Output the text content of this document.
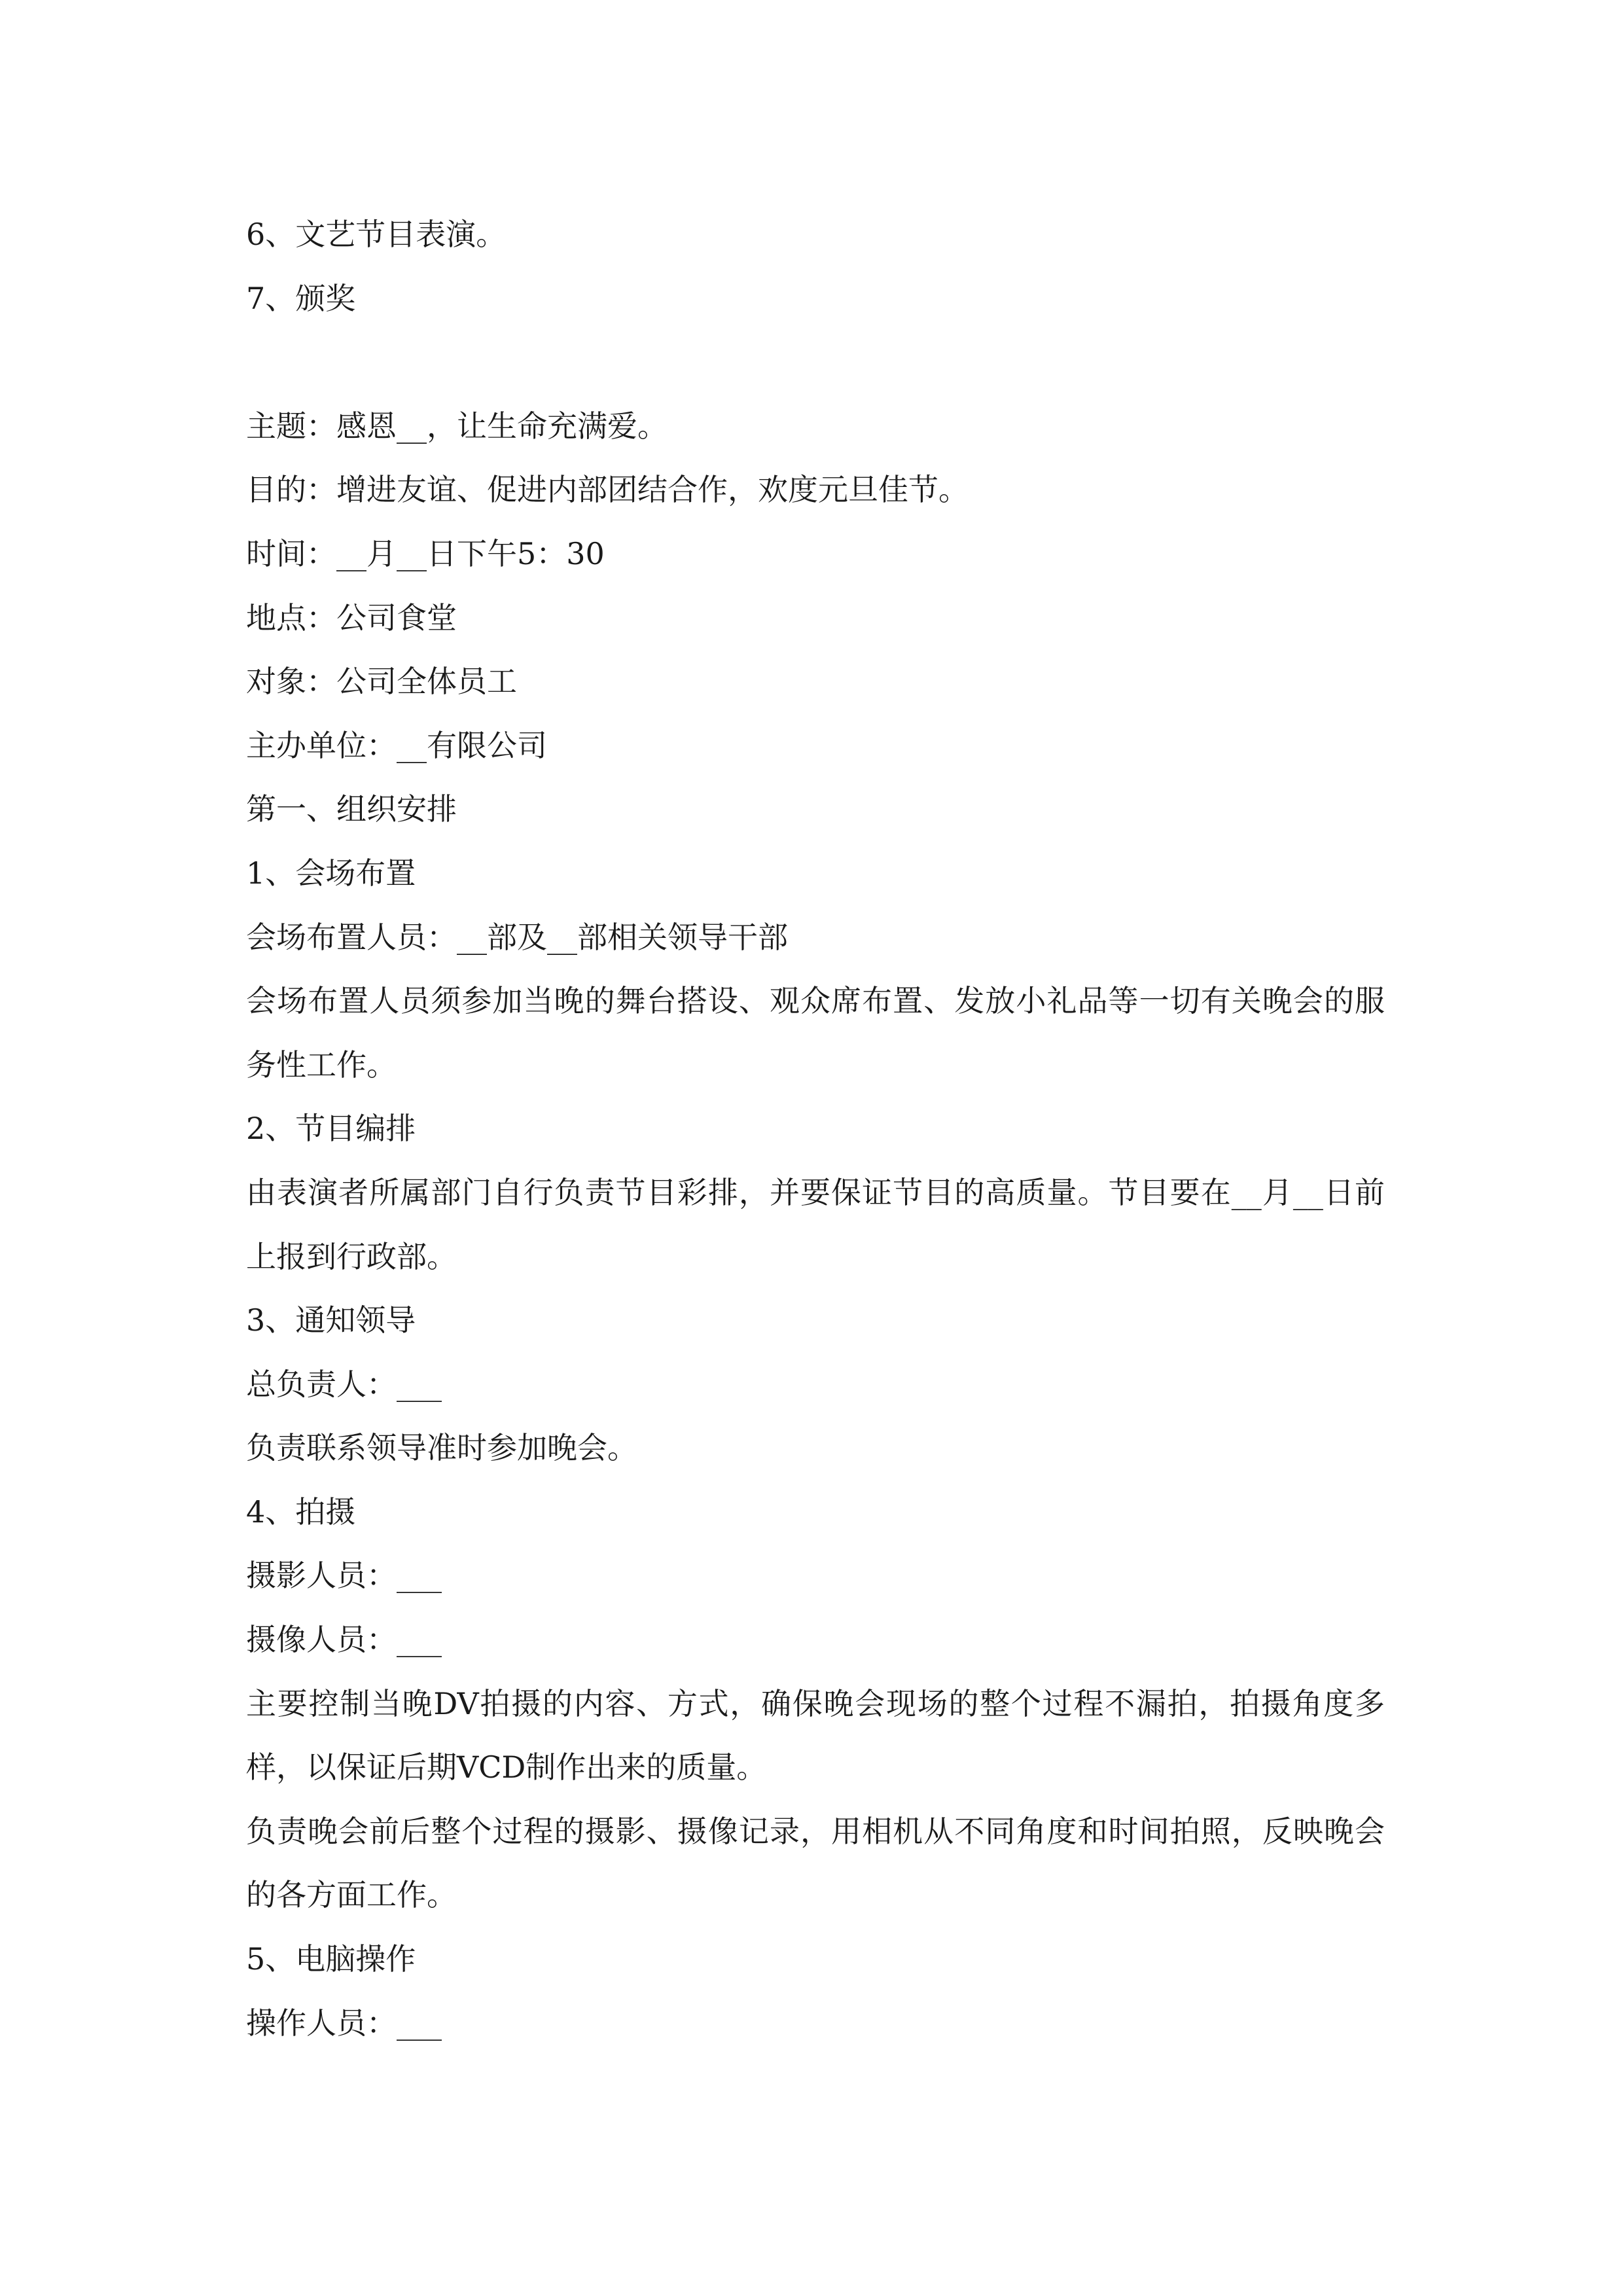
6、文艺节目表演。

7、颁奖

主题：感恩__，让生命充满爱。

目的：增进友谊、促进内部团结合作，欢度元旦佳节。

时间：__月__日下午5：30

地点：公司食堂

对象：公司全体员工

主办单位：__有限公司

第一、组织安排

1、会场布置

会场布置人员：__部及__部相关领导干部

会场布置人员须参加当晚的舞台搭设、观众席布置、发放小礼品等一切有关晚会的服务性工作。

2、节目编排

由表演者所属部门自行负责节目彩排，并要保证节目的高质量。节目要在__月__日前上报到行政部。

3、通知领导

总负责人：___

负责联系领导准时参加晚会。

4、拍摄

摄影人员：___

摄像人员：___

主要控制当晚DV拍摄的内容、方式，确保晚会现场的整个过程不漏拍，拍摄角度多样，以保证后期VCD制作出来的质量。

负责晚会前后整个过程的摄影、摄像记录，用相机从不同角度和时间拍照，反映晚会的各方面工作。

5、电脑操作

操作人员：___
